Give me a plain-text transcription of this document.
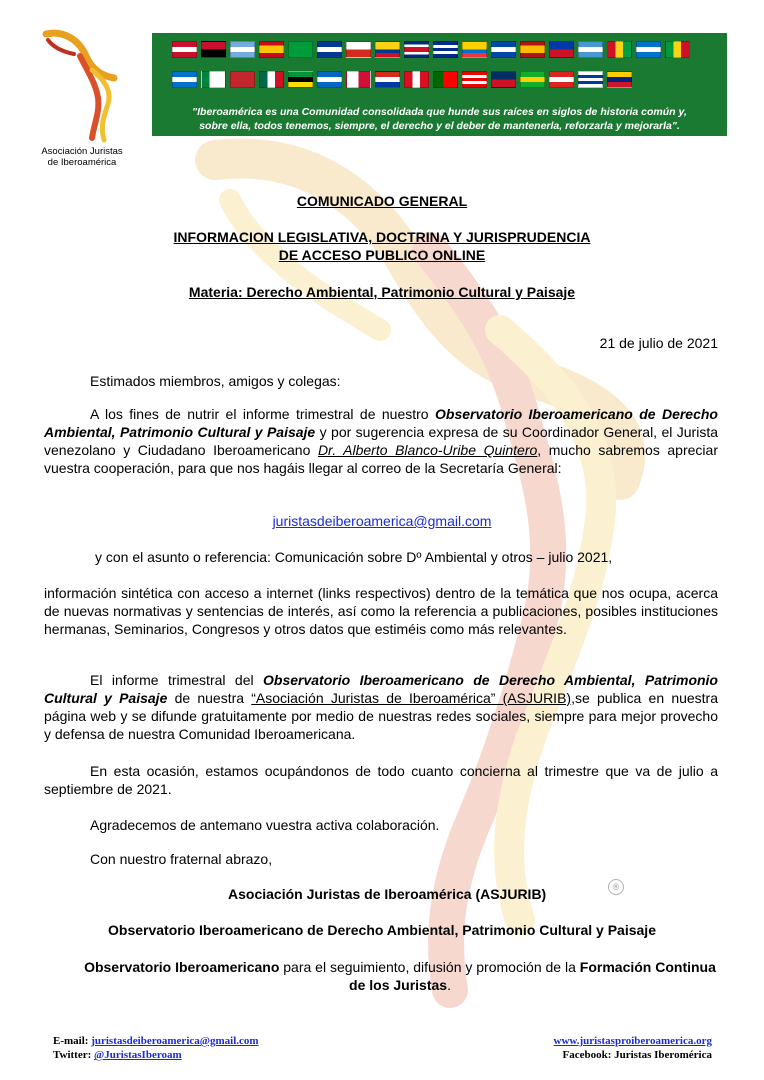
Asociación Juristas
de Iberoamérica
"Iberoamérica es una Comunidad consolidada que hunde sus raíces en siglos de historia común y,
sobre ella, todos tenemos, siempre, el derecho y el deber de mantenerla, reforzarla y mejorarla".
COMUNICADO GENERAL
INFORMACION LEGISLATIVA, DOCTRINA Y JURISPRUDENCIA
DE ACCESO PUBLICO ONLINE
Materia: Derecho Ambiental, Patrimonio Cultural y Paisaje
21 de julio de 2021
Estimados miembros, amigos y colegas:
A los fines de nutrir el informe trimestral de nuestro Observatorio Iberoamericano de Derecho Ambiental, Patrimonio Cultural y Paisaje y por sugerencia expresa de su Coordinador General, el Jurista venezolano y Ciudadano Iberoamericano Dr. Alberto Blanco-Uribe Quintero, mucho sabremos apreciar vuestra cooperación, para que nos hagáis llegar al correo de la Secretaría General:
juristasdeiberoamerica@gmail.com
y con el asunto o referencia: Comunicación sobre Dº Ambiental y otros – julio 2021,
información sintética con acceso a internet (links respectivos) dentro de la temática que nos ocupa, acerca de nuevas normativas y sentencias de interés, así como la referencia a publicaciones, posibles instituciones hermanas, Seminarios, Congresos y otros datos que estiméis como más relevantes.
El informe trimestral del Observatorio Iberoamericano de Derecho Ambiental, Patrimonio Cultural y Paisaje de nuestra “Asociación Juristas de Iberoamérica” (ASJURIB),se publica en nuestra página web y se difunde gratuitamente por medio de nuestras redes sociales, siempre para mejor provecho y defensa de nuestra Comunidad Iberoamericana.
En esta ocasión, estamos ocupándonos de todo cuanto concierna al trimestre que va de julio a septiembre de 2021.
Agradecemos de antemano vuestra activa colaboración.
Con nuestro fraternal abrazo,
Asociación Juristas de Iberoamérica (ASJURIB)	®
Observatorio Iberoamericano de Derecho Ambiental, Patrimonio Cultural y Paisaje
Observatorio Iberoamericano para el seguimiento, difusión y promoción de la Formación Continua de los Juristas.
E-mail: juristasdeiberoamerica@gmail.com
Twitter: @JuristasIberoam
www.juristasproiberoamerica.org
Facebook: Juristas Iberomérica
